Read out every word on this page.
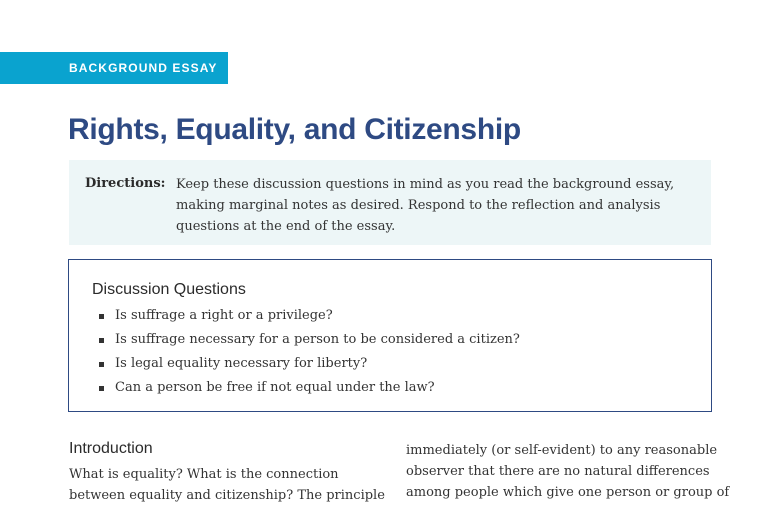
BACKGROUND ESSAY
Rights, Equality, and Citizenship
Directions: Keep these discussion questions in mind as you read the background essay,
making marginal notes as desired. Respond to the reflection and analysis
questions at the end of the essay.
Discussion Questions
Is suffrage a right or a privilege?
Is suffrage necessary for a person to be considered a citizen?
Is legal equality necessary for liberty?
Can a person be free if not equal under the law?
Introduction
What is equality? What is the connection
between equality and citizenship? The principle
immediately (or self-evident) to any reasonable
observer that there are no natural differences
among people which give one person or group of
